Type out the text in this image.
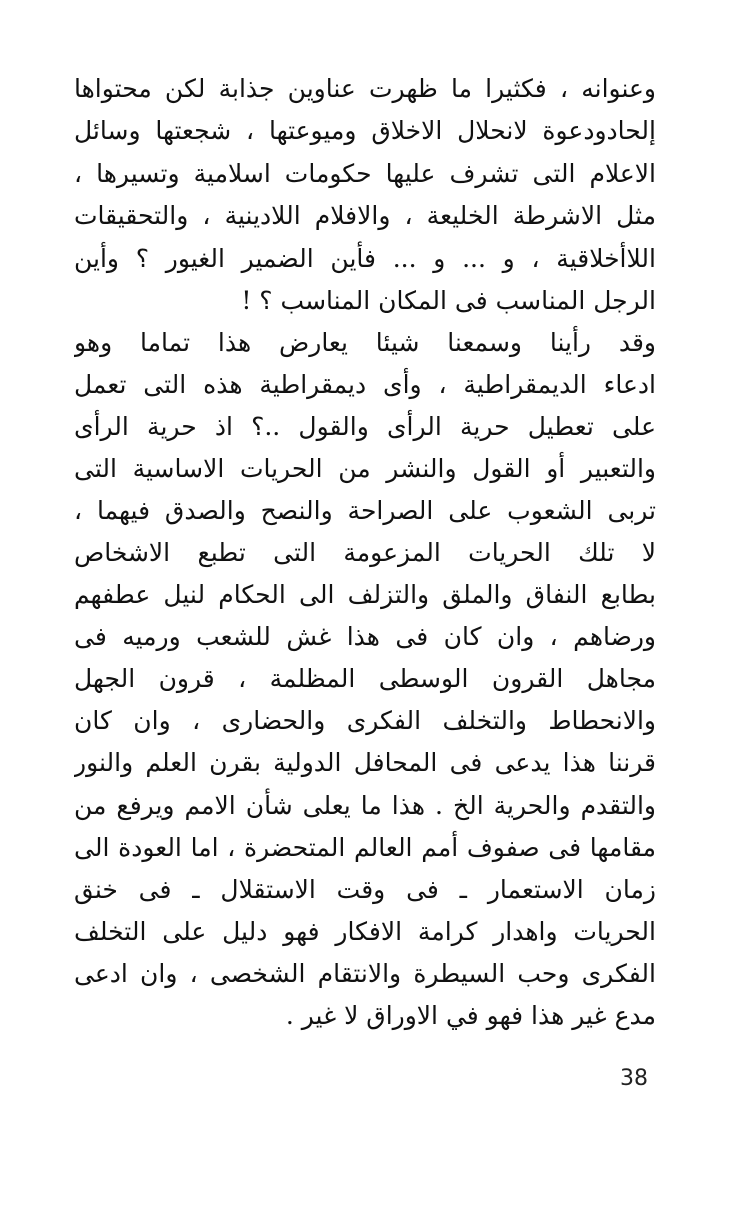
وعنوانه ، فكثيرا ما ظهرت عناوين جذابة لكن محتواها
إلحادودعوة لانحلال الاخلاق وميوعتها ، شجعتها وسائل
الاعلام التى تشرف عليها حكومات اسلامية وتسيرها ،
مثل الاشرطة الخليعة ، والافلام اللادينية ، والتحقيقات
اللاأخلاقية ، و ... و ... فأين الضمير الغيور ؟ وأين
الرجل المناسب فى المكان المناسب ؟ !
وقد رأينا وسمعنا شيئا يعارض هذا تماما وهو
ادعاء الديمقراطية ، وأى ديمقراطية هذه التى تعمل
على تعطيل حرية الرأى والقول ..؟ اذ حرية الرأى
والتعبير أو القول والنشر من الحريات الاساسية التى
تربى الشعوب على الصراحة والنصح والصدق فيهما ،
لا تلك الحريات المزعومة التى تطبع الاشخاص
بطابع النفاق والملق والتزلف الى الحكام لنيل عطفهم
ورضاهم ، وان كان فى هذا غش للشعب ورميه فى
مجاهل القرون الوسطى المظلمة ، قرون الجهل
والانحطاط والتخلف الفكرى والحضارى ، وان كان
قرننا هذا يدعى فى المحافل الدولية بقرن العلم والنور
والتقدم والحرية الخ . هذا ما يعلى شأن الامم ويرفع من
مقامها فى صفوف أمم العالم المتحضرة ، اما العودة الى
زمان الاستعمار ـ فى وقت الاستقلال ـ فى خنق
الحريات واهدار كرامة الافكار فهو دليل على التخلف
الفكرى وحب السيطرة والانتقام الشخصى ، وان ادعى
مدع غير هذا فهو في الاوراق لا غير .
38
